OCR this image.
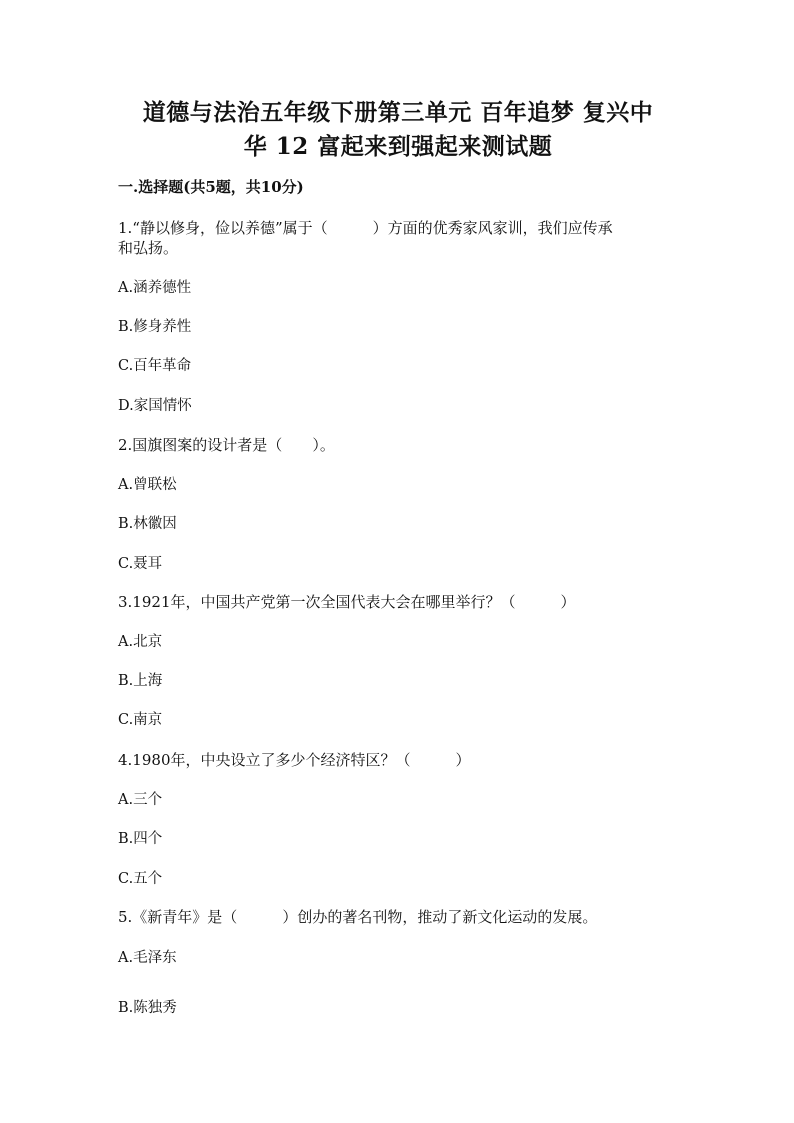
道德与法治五年级下册第三单元 百年追梦 复兴中
华 12 富起来到强起来测试题
一.选择题(共5题，共10分)
1.“静以修身，俭以养德”属于（　　　）方面的优秀家风家训，我们应传承
和弘扬。
A.涵养德性
B.修身养性
C.百年革命
D.家国情怀
2.国旗图案的设计者是（　　）。
A.曾联松
B.林徽因
C.聂耳
3.1921年，中国共产党第一次全国代表大会在哪里举行？（　　　）
A.北京
B.上海
C.南京
4.1980年，中央设立了多少个经济特区？（　　　）
A.三个
B.四个
C.五个
5.《新青年》是（　　　）创办的著名刊物，推动了新文化运动的发展。
A.毛泽东
B.陈独秀
